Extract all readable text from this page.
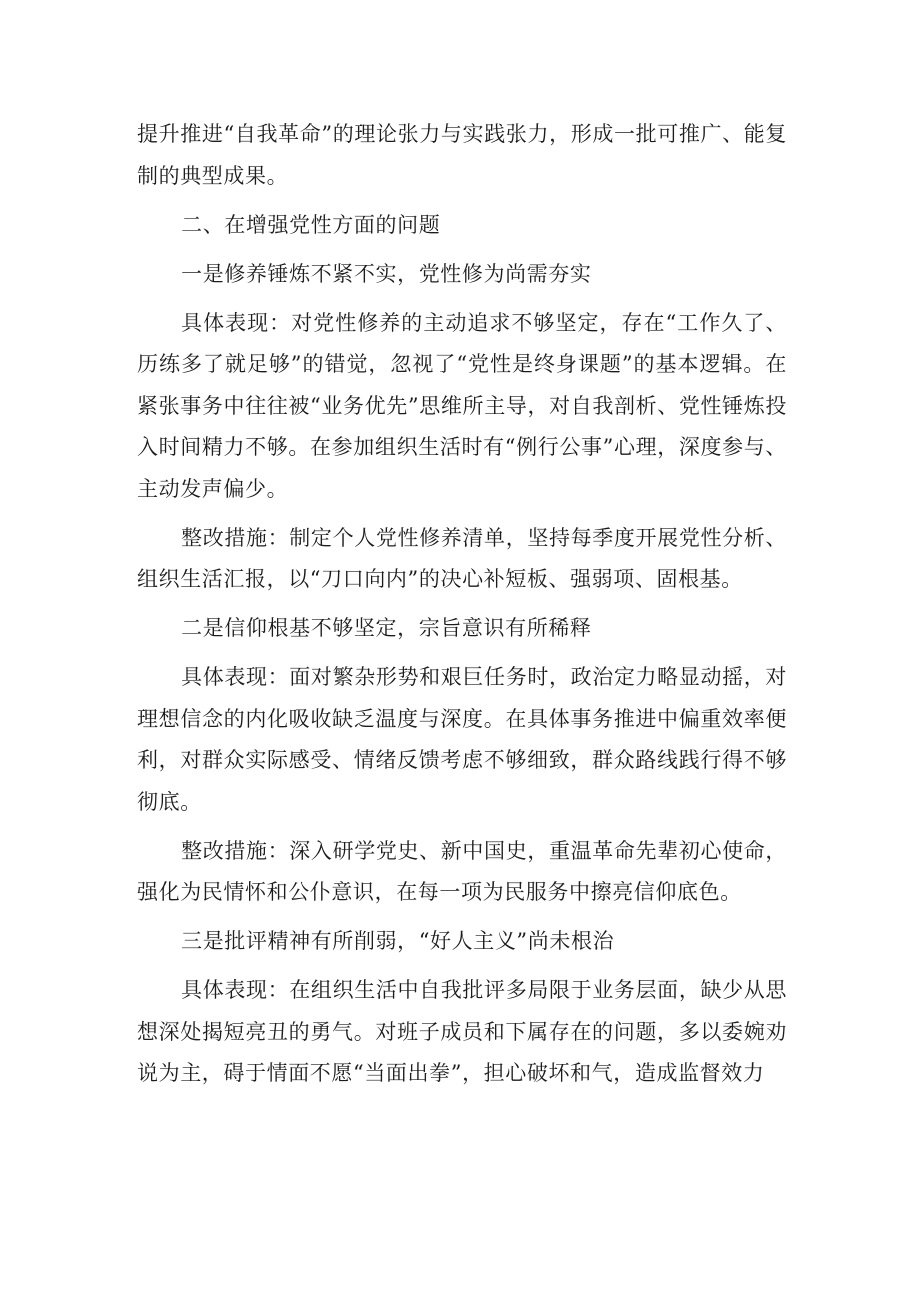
提升推进“自我革命”的理论张力与实践张力，形成一批可推广、能复制的典型成果。

二、在增强党性方面的问题

一是修养锤炼不紧不实，党性修为尚需夯实

具体表现：对党性修养的主动追求不够坚定，存在“工作久了、历练多了就足够”的错觉，忽视了“党性是终身课题”的基本逻辑。在紧张事务中往往被“业务优先”思维所主导，对自我剖析、党性锤炼投入时间精力不够。在参加组织生活时有“例行公事”心理，深度参与、主动发声偏少。

整改措施：制定个人党性修养清单，坚持每季度开展党性分析、组织生活汇报，以“刀口向内”的决心补短板、强弱项、固根基。

二是信仰根基不够坚定，宗旨意识有所稀释

具体表现：面对繁杂形势和艰巨任务时，政治定力略显动摇，对理想信念的内化吸收缺乏温度与深度。在具体事务推进中偏重效率便利，对群众实际感受、情绪反馈考虑不够细致，群众路线践行得不够彻底。

整改措施：深入研学党史、新中国史，重温革命先辈初心使命，强化为民情怀和公仆意识，在每一项为民服务中擦亮信仰底色。

三是批评精神有所削弱，“好人主义”尚未根治

具体表现：在组织生活中自我批评多局限于业务层面，缺少从思想深处揭短亮丑的勇气。对班子成员和下属存在的问题，多以委婉劝说为主，碍于情面不愿“当面出拳”，担心破坏和气，造成监督效力
